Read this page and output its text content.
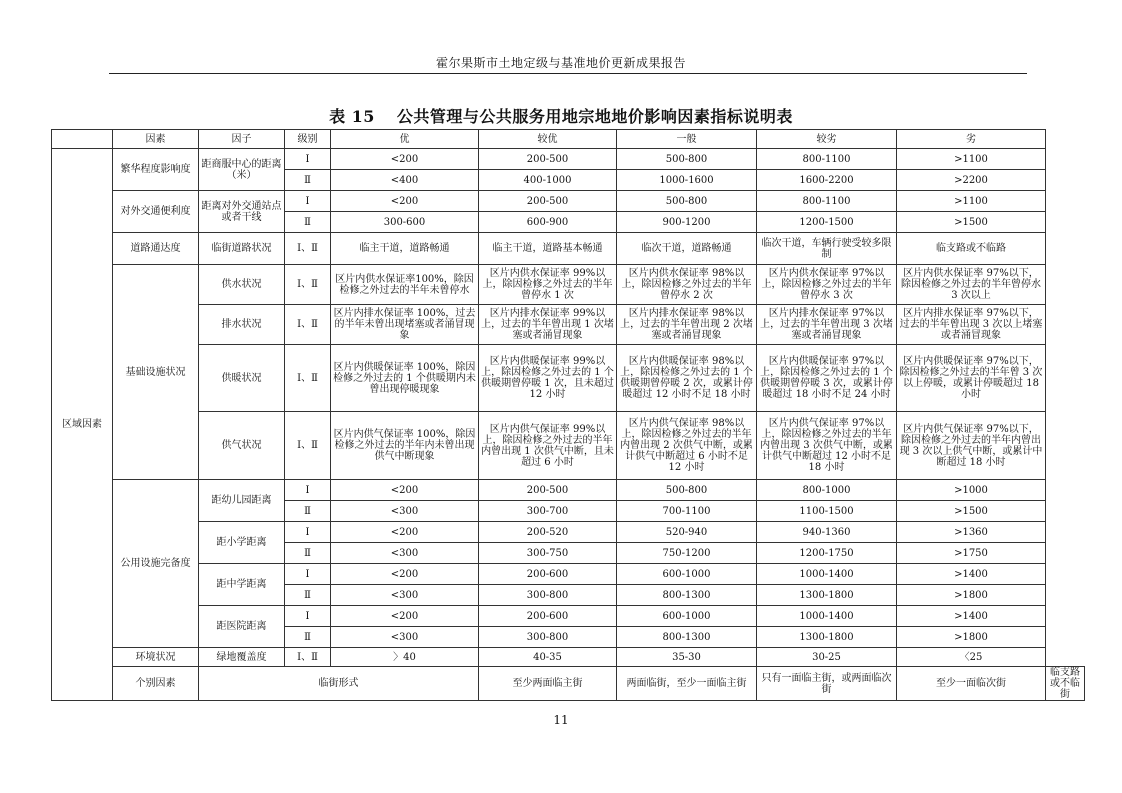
霍尔果斯市土地定级与基准地价更新成果报告
表 15 公共管理与公共服务用地宗地地价影响因素指标说明表
	因素	因子	级别	优	较优	一般	较劣	劣	
区域因素	繁华程度影响度	距商服中心的距离（米）	Ⅰ	<200	200-500	500-800	800-1100	>1100	
			Ⅱ	<400	400-1000	1000-1600	1600-2200	>2200	
	对外交通便利度	距离对外交通站点或者干线	Ⅰ	<200	200-500	500-800	800-1100	>1100	
			Ⅱ	300-600	600-900	900-1200	1200-1500	>1500	
	道路通达度	临街道路状况	Ⅰ、Ⅱ	临主干道，道路畅通	临主干道，道路基本畅通	临次干道，道路畅通	临次干道，车辆行驶受较多限制	临支路或不临路	
	基础设施状况	供水状况	Ⅰ、Ⅱ	区片内供水保证率100%，除因检修之外过去的半年未曾停水	区片内供水保证率 99%以上，除因检修之外过去的半年曾停水 1 次	区片内供水保证率 98%以上，除因检修之外过去的半年曾停水 2 次	区片内供水保证率 97%以上，除因检修之外过去的半年曾停水 3 次	区片内供水保证率 97%以下，除因检修之外过去的半年曾停水 3 次以上	
		排水状况	Ⅰ、Ⅱ	区片内排水保证率 100%，过去的半年未曾出现堵塞或者涌冒现象	区片内排水保证率 99%以上，过去的半年曾出现 1 次堵塞或者涌冒现象	区片内排水保证率 98%以上，过去的半年曾出现 2 次堵塞或者涌冒现象	区片内排水保证率 97%以上，过去的半年曾出现 3 次堵塞或者涌冒现象	区片内排水保证率 97%以下，过去的半年曾出现 3 次以上堵塞或者涌冒现象	
		供暖状况	Ⅰ、Ⅱ	区片内供暖保证率 100%，除因检修之外过去的 1 个供暖期内未曾出现停暖现象	区片内供暖保证率 99%以上，除因检修之外过去的 1 个供暖期曾停暖 1 次，且未超过 12 小时	区片内供暖保证率 98%以上，除因检修之外过去的 1 个供暖期曾停暖 2 次，或累计停暖超过 12 小时不足 18 小时	区片内供暖保证率 97%以上，除因检修之外过去的 1 个供暖期曾停暖 3 次，或累计停暖超过 18 小时不足 24 小时	区片内供暖保证率 97%以下，除因检修之外过去的半年曾 3 次以上停暖，或累计停暖超过 18 小时	
		供气状况	Ⅰ、Ⅱ	区片内供气保证率 100%，除因检修之外过去的半年内未曾出现供气中断现象	区片内供气保证率 99%以上，除因检修之外过去的半年内曾出现 1 次供气中断，且未超过 6 小时	区片内供气保证率 98%以上，除因检修之外过去的半年内曾出现 2 次供气中断，或累计供气中断超过 6 小时不足 12 小时	区片内供气保证率 97%以上，除因检修之外过去的半年内曾出现 3 次供气中断，或累计供气中断超过 12 小时不足 18 小时	区片内供气保证率 97%以下，除因检修之外过去的半年内曾出现 3 次以上供气中断，或累计中断超过 18 小时	
	公用设施完备度	距幼儿园距离	Ⅰ	<200	200-500	500-800	800-1000	>1000	
			Ⅱ	<300	300-700	700-1100	1100-1500	>1500	
		距小学距离	Ⅰ	<200	200-520	520-940	940-1360	>1360	
			Ⅱ	<300	300-750	750-1200	1200-1750	>1750	
		距中学距离	Ⅰ	<200	200-600	600-1000	1000-1400	>1400	
			Ⅱ	<300	300-800	800-1300	1300-1800	>1800	
		距医院距离	Ⅰ	<200	200-600	600-1000	1000-1400	>1400	
			Ⅱ	<300	300-800	800-1300	1300-1800	>1800	
	环境状况	绿地覆盖度	Ⅰ、Ⅱ	〉40	40-35	35-30	30-25	〈25	
	个别因素	临街形式			至少两面临主街	两面临街，至少一面临主街	只有一面临主街，或两面临次街	至少一面临次街	临支路或不临街
11
